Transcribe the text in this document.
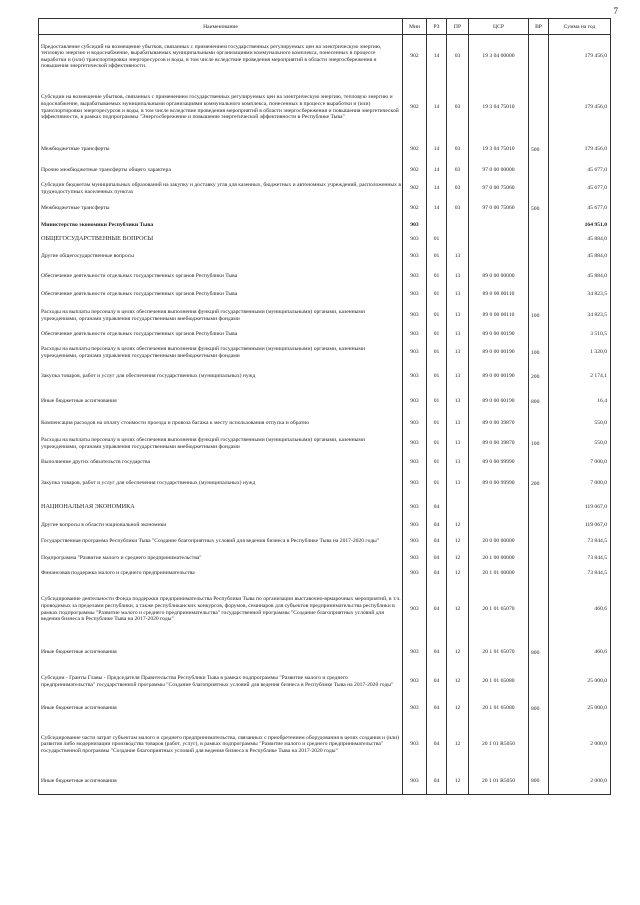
7
Наименование	Мин	РЗ	ПР	ЦСР	ВР	Сумма на год
Предоставление субсидий на возмещение убытков, связанных с применением государственных регулируемых цен на электрическую энергию, тепловую энергию и водоснабжение, вырабатываемых муниципальными организациями коммунального комплекса, понесенных в процессе выработки и (или) транспортировки энергоресурсов и воды, в том числе вследствие проведения мероприятий в области энергосбережения и повышения энергетической эффективности.	902	14	03	19 3 04 00000		179 456,0
Субсидии на возмещение убытков, связанных с применением государственных регулируемых цен на электрическую энергию, тепловую энергию и водоснабжение, вырабатываемых муниципальными организациями коммунального комплекса, понесенных в процессе выработки и (или) транспортировки энергоресурсов и воды, в том числе вследствие проведения мероприятий в области энергосбережения и повышения энергетической эффективности, в рамках подпрограммы "Энергосбережение и повышение энергетической эффективности в Республике Тыва"	902	14	03	19 3 04 75010		179 456,0
Межбюджетные трансферты	902	14	03	19 3 04 75010	500	179 456,0
Прочие межбюджетные трансферты общего характера	902	14	03	97 0 00 00000		45 677,0
Субсидии бюджетам муниципальных образований на закупку и доставку угля для казенных, бюджетных и автономных учреждений, расположенных в труднодоступных населенных пунктах	902	14	03	97 0 00 75060		45 677,0
Межбюджетные трансферты	902	14	03	97 0 00 75060	500	45 677,0
Министерство экономики Республики Тыва	903					164 951,0
ОБЩЕГОСУДАРСТВЕННЫЕ ВОПРОСЫ	903	01				45 884,0
Другие общегосударственные вопросы	903	01	13			45 884,0
Обеспечение деятельности отдельных государственных органов Республики Тыва	903	01	13	89 0 00 00000		45 884,0
Обеспечение деятельности отдельных государственных органов Республики Тыва	903	01	13	89 0 00 00110		34 823,5
Расходы на выплаты персоналу в целях обеспечения выполнения функций государственными (муниципальными) органами, казенными учреждениями, органами управления государственными внебюджетными фондами	903	01	13	89 0 00 00110	100	34 823,5
Обеспечение деятельности отдельных государственных органов Республики Тыва	903	01	13	89 0 00 00190		3 510,5
Расходы на выплаты персоналу в целях обеспечения выполнения функций государственными (муниципальными) органами, казенными учреждениями, органами управления государственными внебюджетными фондами	903	01	13	89 0 00 00190	100	1 320,0
Закупка товаров, работ и услуг для обеспечения государственных (муниципальных) нужд	903	01	13	89 0 00 00190	200	2 174,1
Иные бюджетные ассигнования	903	01	13	89 0 00 00190	800	16,4
Компенсация расходов на оплату стоимости проезда и провоза багажа к месту использования отпуска и обратно	903	01	13	89 0 00 39870		550,0
Расходы на выплаты персоналу в целях обеспечения выполнения функций государственными (муниципальными) органами, казенными учреждениями, органами управления государственными внебюджетными фондами	903	01	13	89 0 00 39870	100	550,0
Выполнение других обязательств государства	903	01	13	89 0 00 99990		7 000,0
Закупка товаров, работ и услуг для обеспечения государственных (муниципальных) нужд	903	01	13	89 0 00 99990	200	7 000,0
НАЦИОНАЛЬНАЯ ЭКОНОМИКА	903	04				119 067,0
Другие вопросы в области национальной экономики	903	04	12			119 067,0
Государственная программа Республики Тыва "Создание благоприятных условий для ведения бизнеса в Республике Тыва на 2017-2020 годы"	903	04	12	20 0 00 00000		73 844,5
Подпрограмма "Развитие малого и среднего предпринимательства"	903	04	12	20 1 00 00000		73 844,5
Финансовая поддержка малого и среднего предпринимательства	903	04	12	20 1 01 00000		73 844,5
Субсидирование деятельности Фонда поддержки предпринимательства Республики Тыва по организации выставочно-ярмарочных мероприятий, в т.ч. проводимых за пределами республики, а также республиканских конкурсов, форумов, семинаров для субъектов предпринимательства республики в рамках подпрограммы "Развитие малого и среднего предпринимательства" государственной программы "Создание благоприятных условий для ведения бизнеса в Республике Тыва на 2017-2020 годы"	903	04	12	20 1 01 65070		460,6
Иные бюджетные ассигнования	903	04	12	20 1 01 65070	800	460,6
Субсидии - Гранты Главы - Председателя Правительства Республики Тыва в рамках подпрограммы "Развитие малого и среднего предпринимательства" государственной программы "Создание благоприятных условий для ведения бизнеса в Республике Тыва на 2017-2020 годы"	903	04	12	20 1 01 65080		25 000,0
Иные бюджетные ассигнования	903	04	12	20 1 01 65080	800	25 000,0
Субсидирование части затрат субъектам малого и среднего предпринимательства, связанных с приобретением оборудования в целях создания и (или) развития либо модернизации производства товаров (работ, услуг), в рамках подпрограммы "Развитие малого и среднего предпринимательства" государственной программы "Создание благоприятных условий для ведения бизнеса в Республике Тыва на 2017-2020 годы"	903	04	12	20 1 01 R5050		2 000,0
Иные бюджетные ассигнования	903	04	12	20 1 01 R5050	800	2 000,0
